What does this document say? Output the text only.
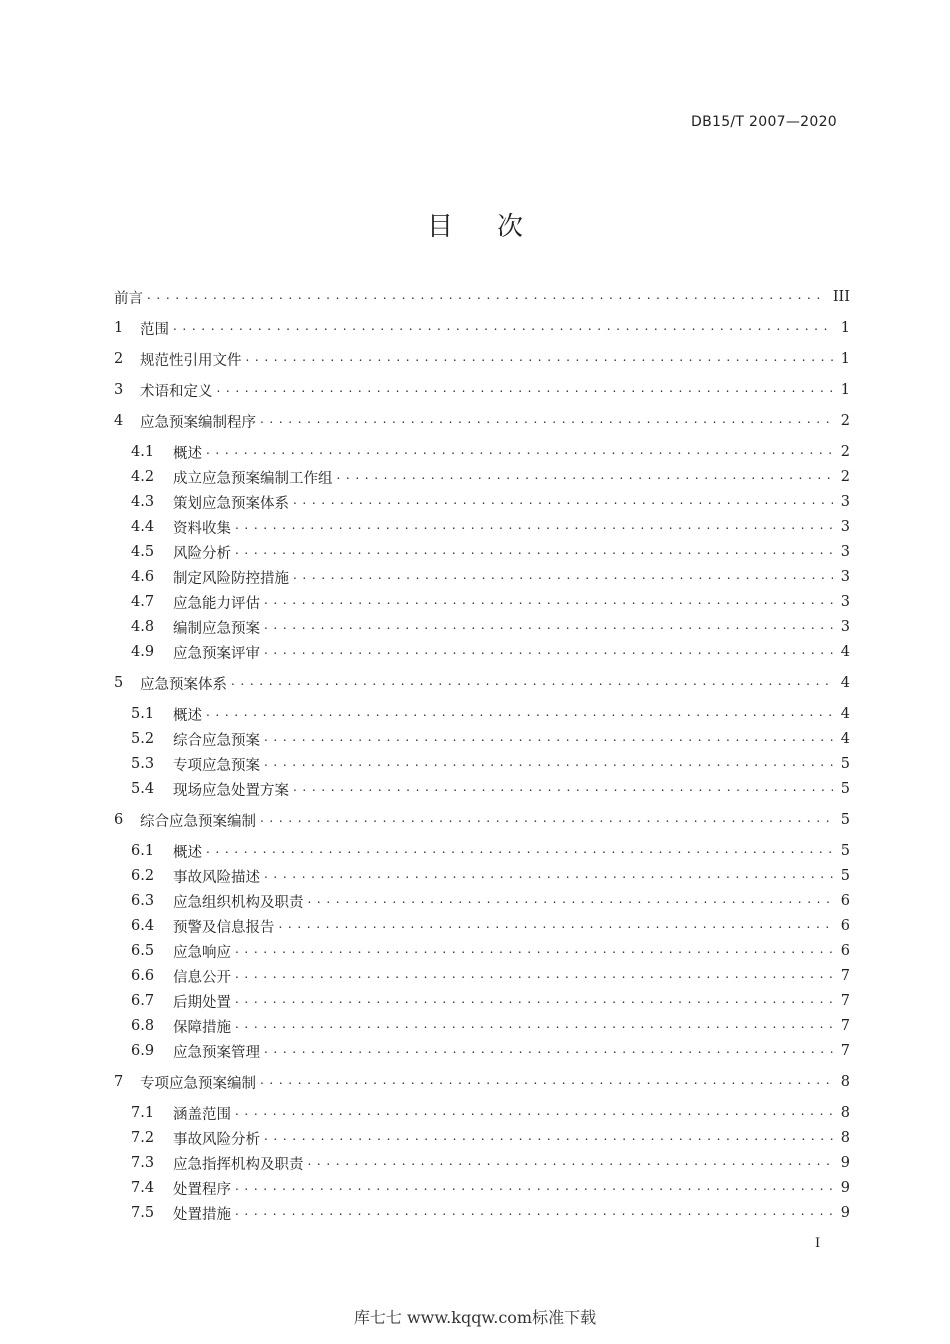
DB15/T 2007—2020
目次
前言 . . .	III
1	范围 . . .	1
2	规范性引用文件 . . .	1
3	术语和定义 . . .	1
4	应急预案编制程序 . . .	2
4.1	概述 . . .	2
4.2	成立应急预案编制工作组 . . .	2
4.3	策划应急预案体系 . . .	3
4.4	资料收集 . . .	3
4.5	风险分析 . . .	3
4.6	制定风险防控措施 . . .	3
4.7	应急能力评估 . . .	3
4.8	编制应急预案 . . .	3
4.9	应急预案评审 . . .	4
5	应急预案体系 . . .	4
5.1	概述 . . .	4
5.2	综合应急预案 . . .	4
5.3	专项应急预案 . . .	5
5.4	现场应急处置方案 . . .	5
6	综合应急预案编制 . . .	5
6.1	概述 . . .	5
6.2	事故风险描述 . . .	5
6.3	应急组织机构及职责 . . .	6
6.4	预警及信息报告 . . .	6
6.5	应急响应 . . .	6
6.6	信息公开 . . .	7
6.7	后期处置 . . .	7
6.8	保障措施 . . .	7
6.9	应急预案管理 . . .	7
7	专项应急预案编制 . . .	8
7.1	涵盖范围 . . .	8
7.2	事故风险分析 . . .	8
7.3	应急指挥机构及职责 . . .	9
7.4	处置程序 . . .	9
7.5	处置措施 . . .	9
I
库七七 www.kqqw.com标准下载
